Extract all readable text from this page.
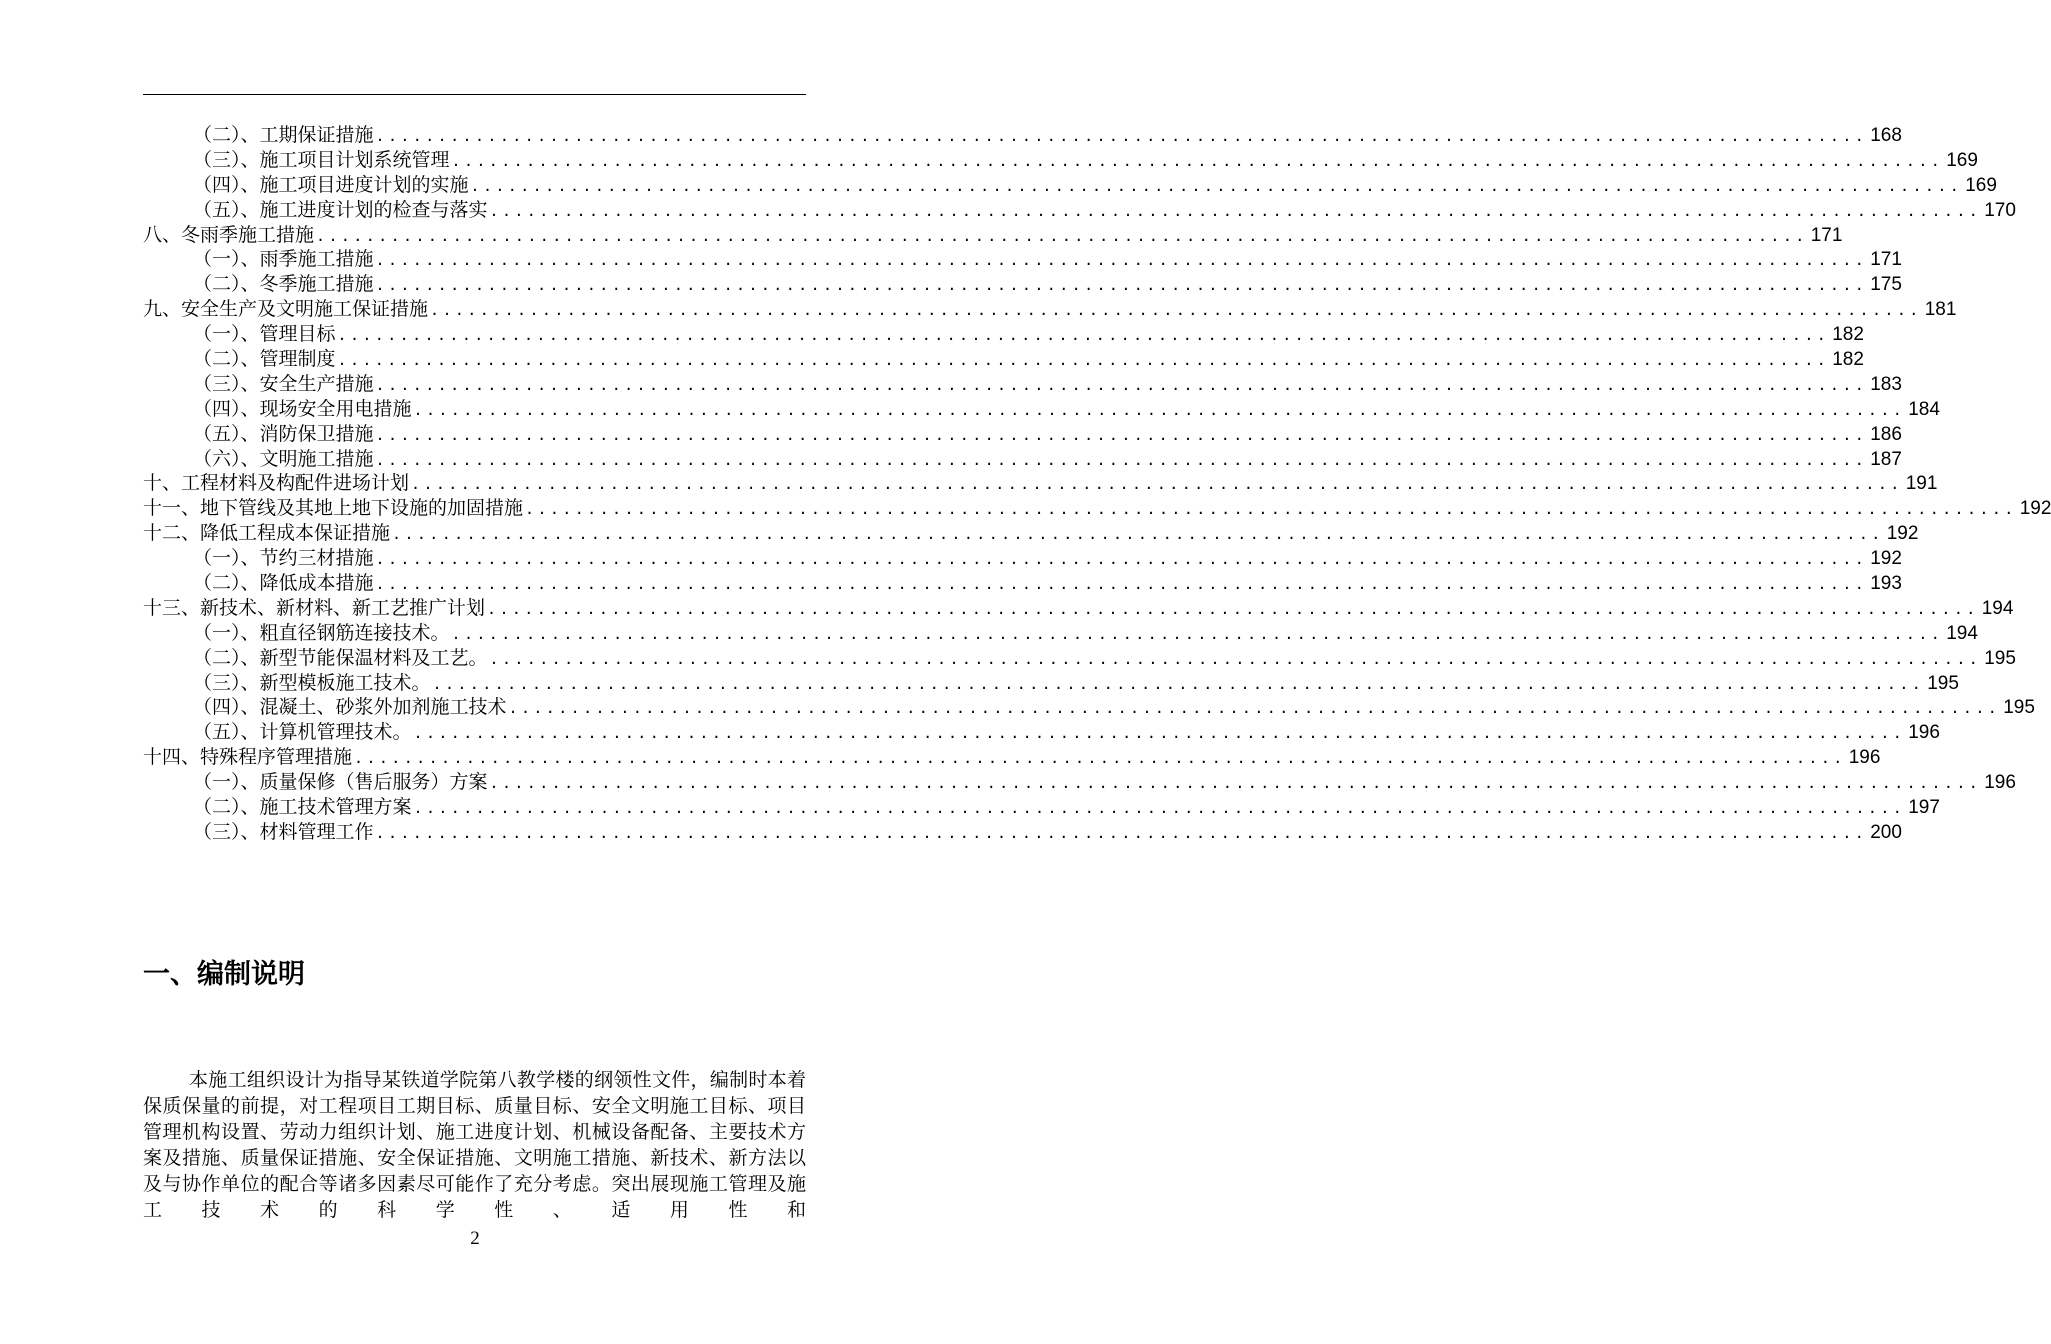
（二）、工期保证措施 ........................................................................................................................ 168
（三）、施工项目计划系统管理 ........................................................................................................................ 169
（四）、施工项目进度计划的实施 ........................................................................................................................ 169
（五）、施工进度计划的检查与落实 ........................................................................................................................ 170
八、冬雨季施工措施 ........................................................................................................................ 171
（一）、雨季施工措施 ........................................................................................................................ 171
（二）、冬季施工措施 ........................................................................................................................ 175
九、安全生产及文明施工保证措施 ........................................................................................................................ 181
（一）、管理目标 ........................................................................................................................ 182
（二）、管理制度 ........................................................................................................................ 182
（三）、安全生产措施 ........................................................................................................................ 183
（四）、现场安全用电措施 ........................................................................................................................ 184
（五）、消防保卫措施 ........................................................................................................................ 186
（六）、文明施工措施 ........................................................................................................................ 187
十、工程材料及构配件进场计划 ........................................................................................................................ 191
十一、地下管线及其地上地下设施的加固措施 ........................................................................................................................ 192
十二、降低工程成本保证措施 ........................................................................................................................ 192
（一）、节约三材措施 ........................................................................................................................ 192
（二）、降低成本措施 ........................................................................................................................ 193
十三、新技术、新材料、新工艺推广计划 ........................................................................................................................ 194
（一）、粗直径钢筋连接技术。 ........................................................................................................................ 194
（二）、新型节能保温材料及工艺。 ........................................................................................................................ 195
（三）、新型模板施工技术。 ........................................................................................................................ 195
（四）、混凝土、砂浆外加剂施工技术 ........................................................................................................................ 195
（五）、计算机管理技术。 ........................................................................................................................ 196
十四、特殊程序管理措施 ........................................................................................................................ 196
（一）、质量保修（售后服务）方案 ........................................................................................................................ 196
（二）、施工技术管理方案 ........................................................................................................................ 197
（三）、材料管理工作 ........................................................................................................................ 200
一、编制说明

本施工组织设计为指导某铁道学院第八教学楼的纲领性文件，编制时本着保质保量的前提，对工程项目工期目标、质量目标、安全文明施工目标、项目管理机构设置、劳动力组织计划、施工进度计划、机械设备配备、主要技术方案及措施、质量保证措施、安全保证措施、文明施工措施、新技术、新方法以及与协作单位的配合等诸多因素尽可能作了充分考虑。突出展现施工管理及施工技术的科学性、适用性和

2
